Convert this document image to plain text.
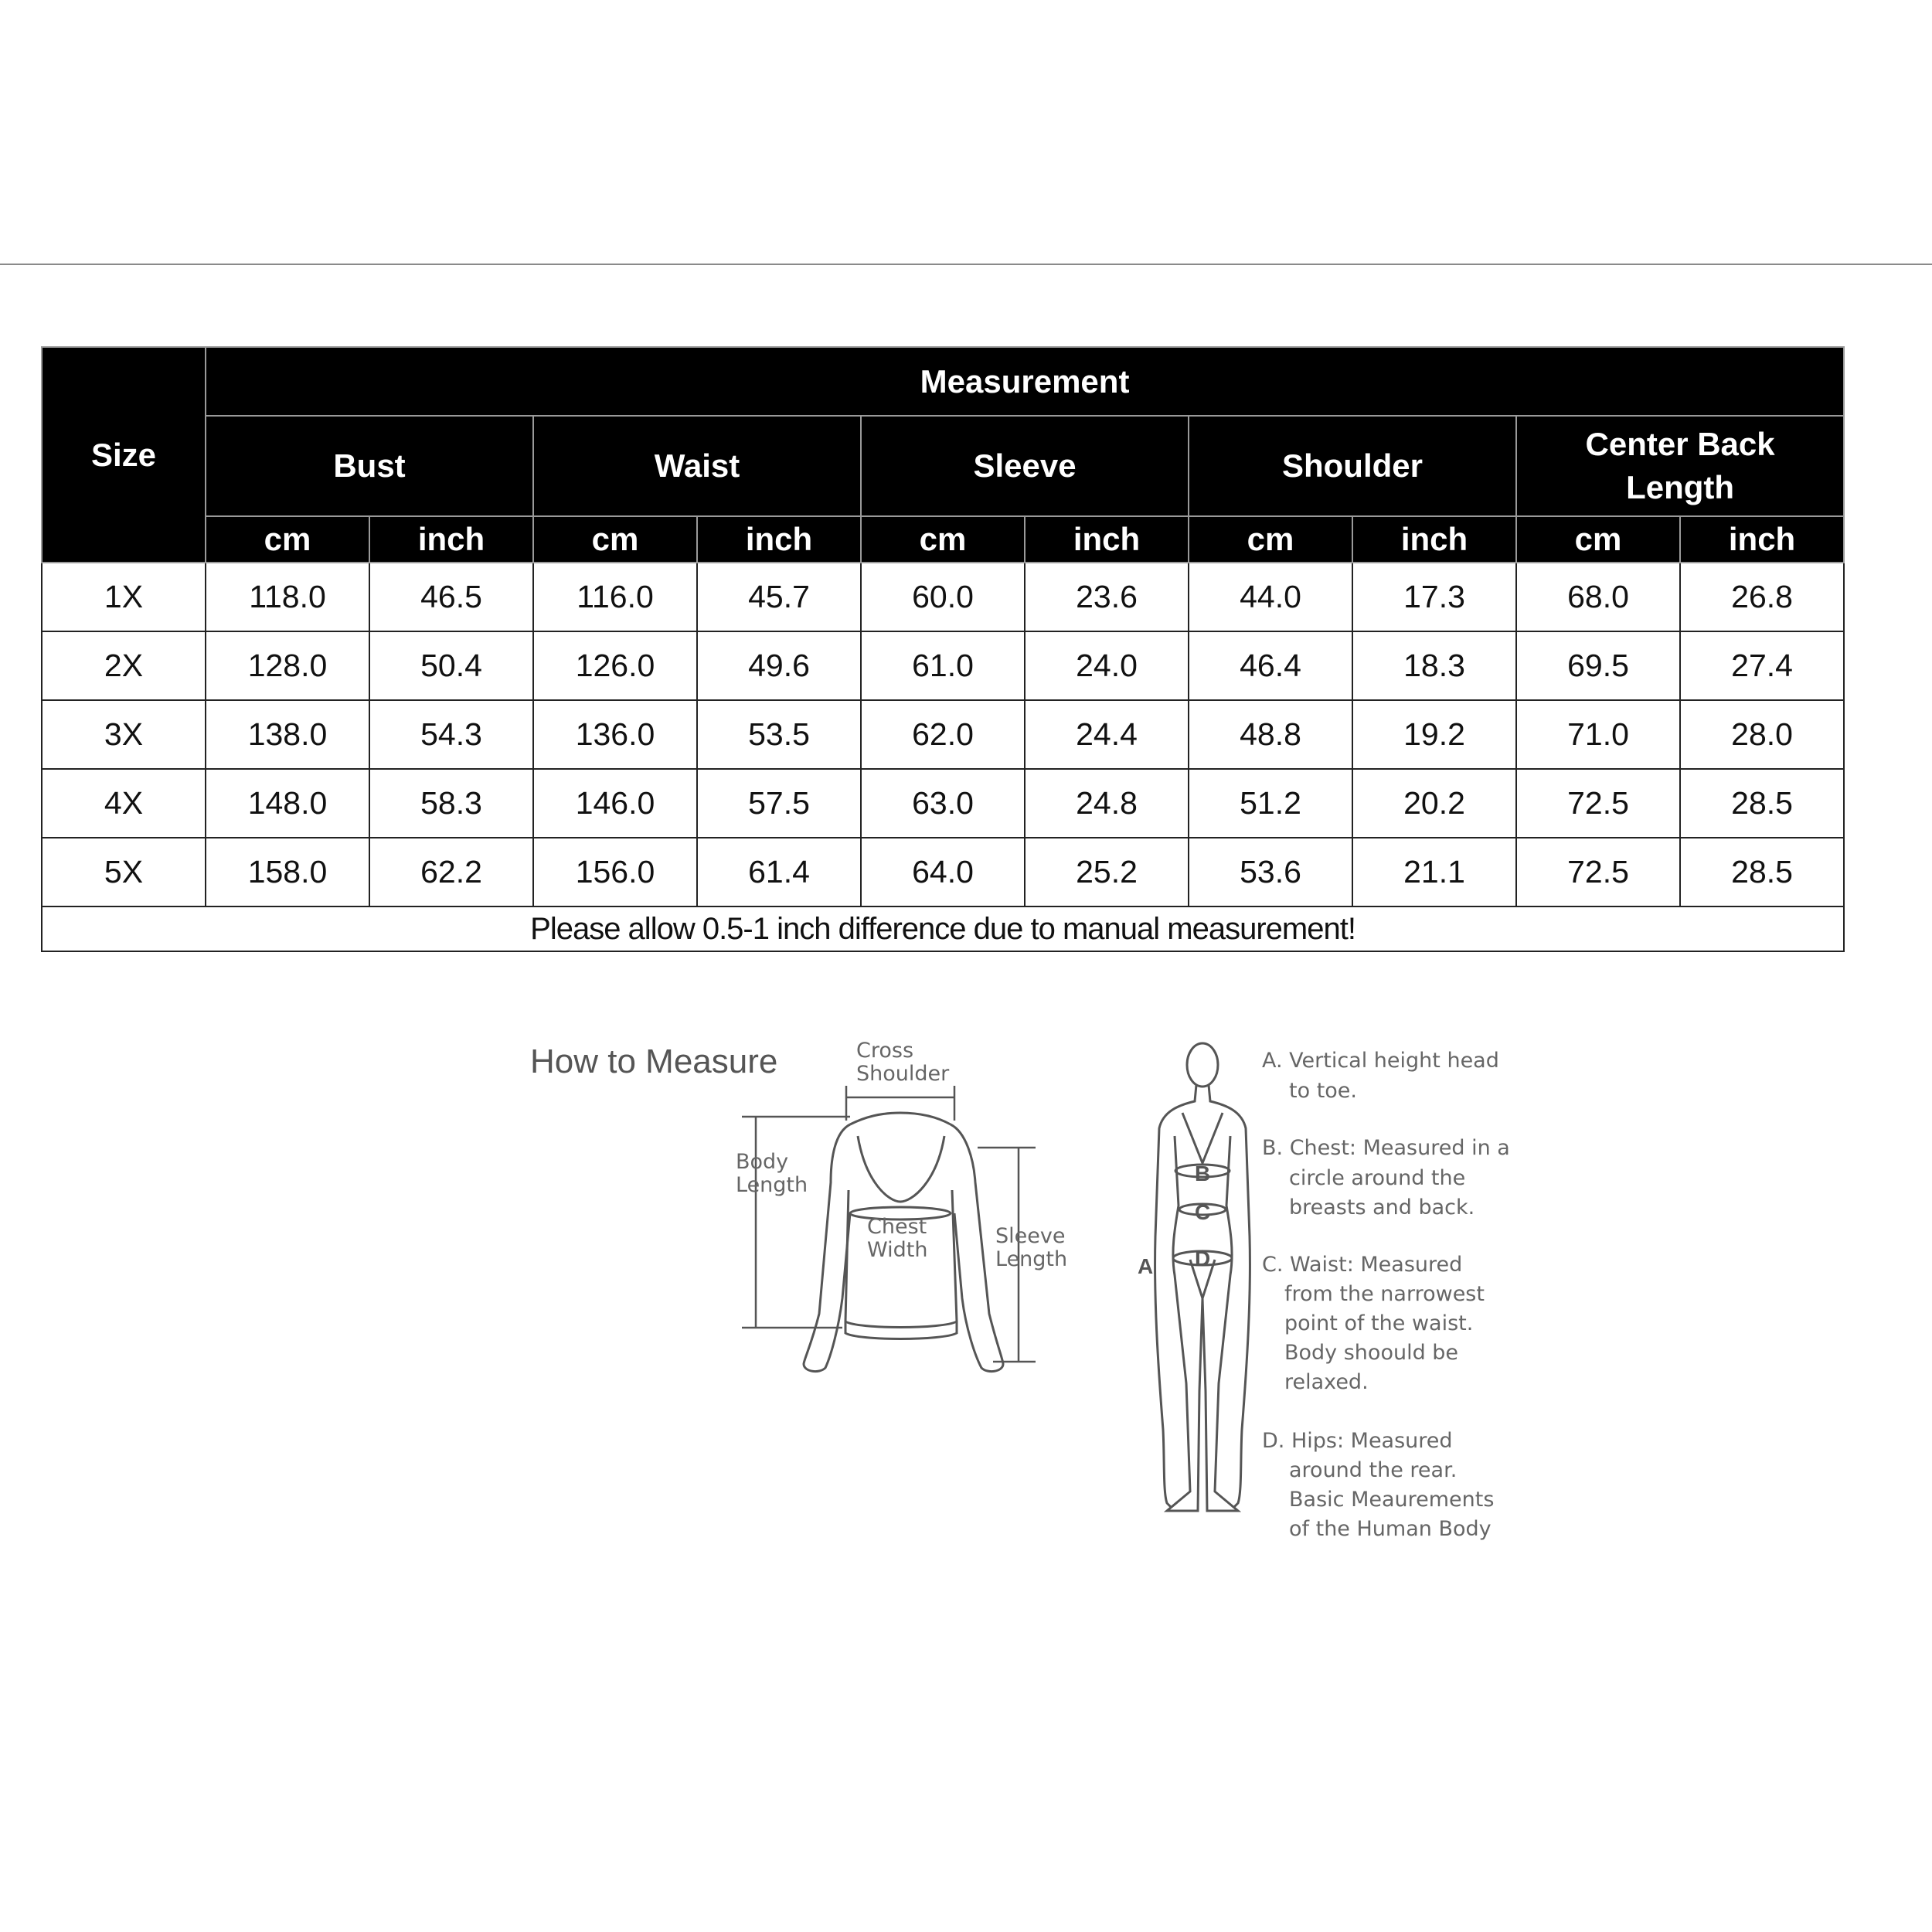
Size	Measurement									
	Bust		Waist		Sleeve		Shoulder		Center Back Length	
	cm	inch	cm	inch	cm	inch	cm	inch	cm	inch
1X	118.0	46.5	116.0	45.7	60.0	23.6	44.0	17.3	68.0	26.8
2X	128.0	50.4	126.0	49.6	61.0	24.0	46.4	18.3	69.5	27.4
3X	138.0	54.3	136.0	53.5	62.0	24.4	48.8	19.2	71.0	28.0
4X	148.0	58.3	146.0	57.5	63.0	24.8	51.2	20.2	72.5	28.5
5X	158.0	62.2	156.0	61.4	64.0	25.2	53.6	21.1	72.5	28.5
Please allow 0.5-1 inch difference due to manual measurement!										
How to Measure	Cross
Shoulder
Body
Length
Chest
Width
Sleeve
Length
B
C
D
A
A. Vertical height head
to toe.
B. Chest: Measured in a
circle around the
breasts and back.
C. Waist: Measured
from the narrowest
point of the waist.
Body shoould be
relaxed.
D. Hips: Measured
around the rear.
Basic Meaurements
of the Human Body
